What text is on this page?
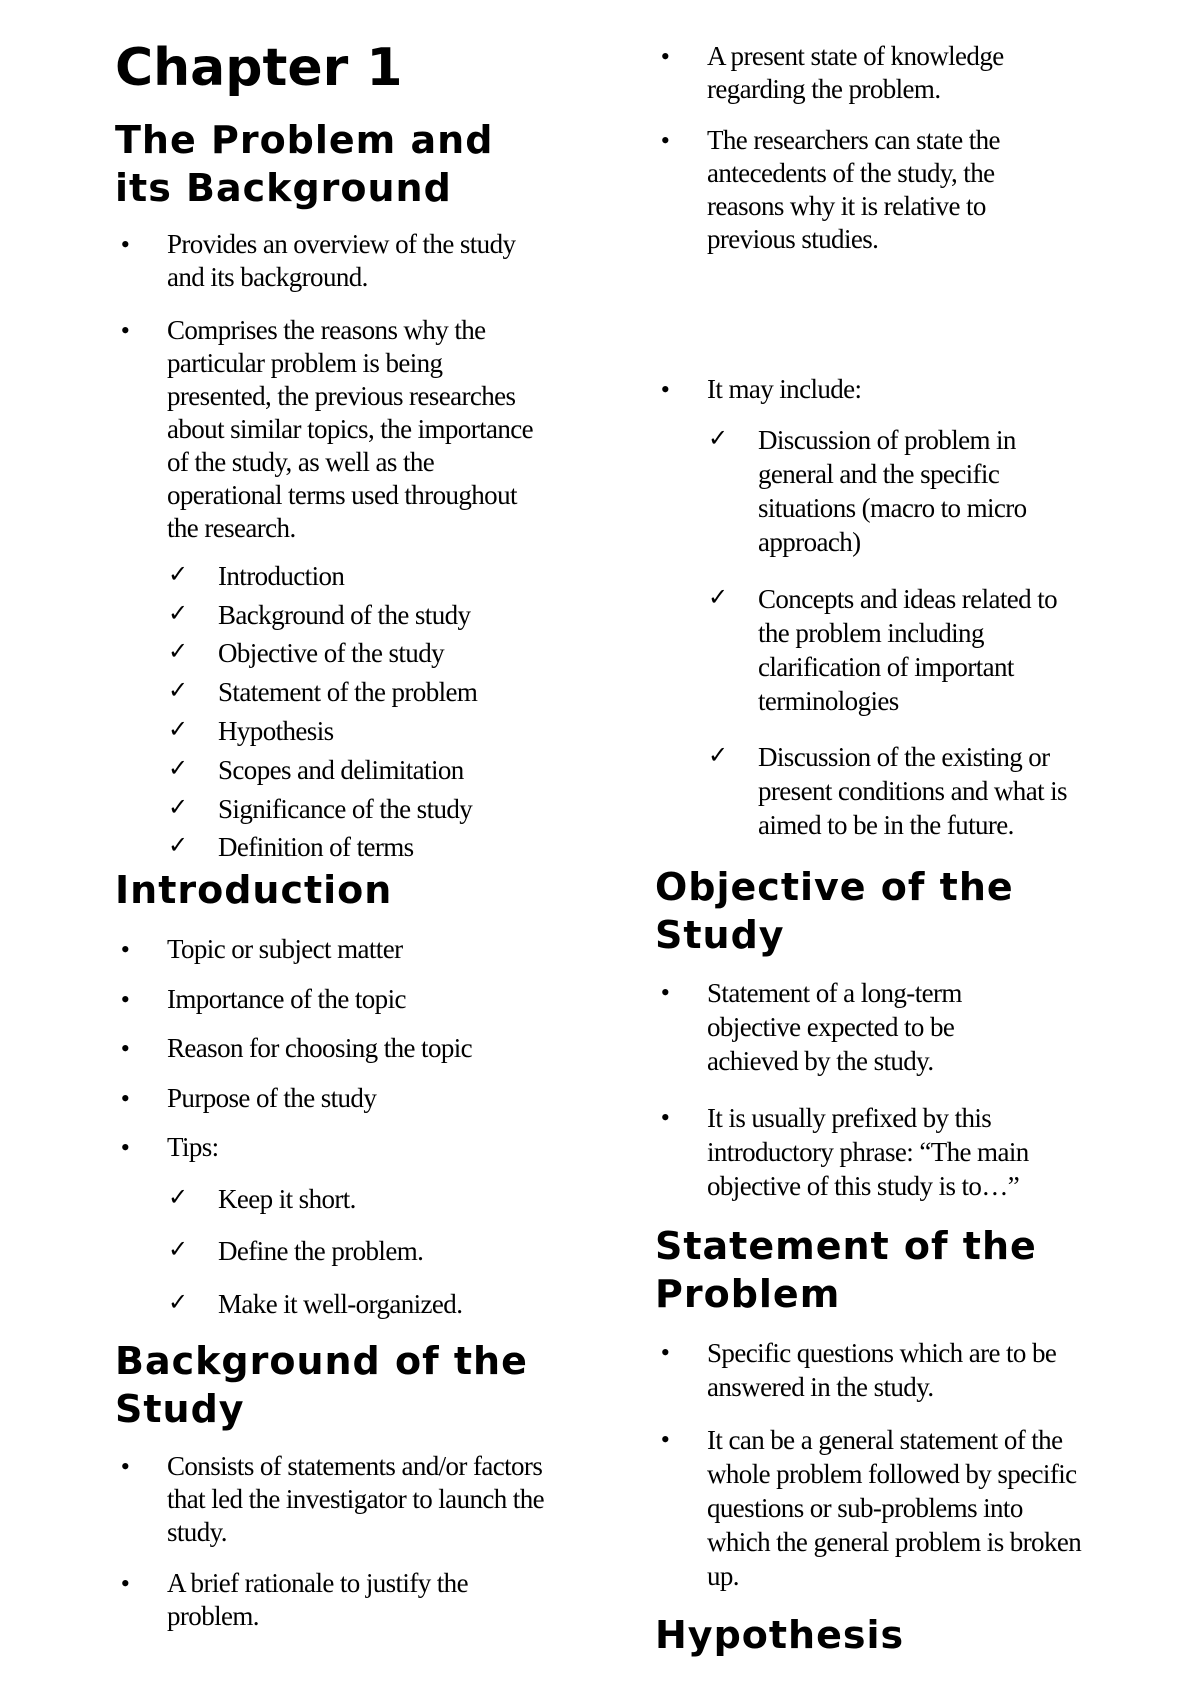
Chapter 1
The Problem and
its Background
• Provides an overview of the study and its background.
• Comprises the reasons why the particular problem is being presented, the previous researches about similar topics, the importance of the study, as well as the operational terms used throughout the research.
✓ Introduction
✓ Background of the study
✓ Objective of the study
✓ Statement of the problem
✓ Hypothesis
✓ Scopes and delimitation
✓ Significance of the study
✓ Definition of terms
Introduction
• Topic or subject matter
• Importance of the topic
• Reason for choosing the topic
• Purpose of the study
• Tips:
✓ Keep it short.
✓ Define the problem.
✓ Make it well-organized.
Background of the
Study
• Consists of statements and/or factors that led the investigator to launch the study.
• A brief rationale to justify the problem.
• A present state of knowledge regarding the problem.
• The researchers can state the antecedents of the study, the reasons why it is relative to previous studies.
• It may include:
✓ Discussion of problem in general and the specific situations (macro to micro approach)
✓ Concepts and ideas related to the problem including clarification of important terminologies
✓ Discussion of the existing or present conditions and what is aimed to be in the future.
Objective of the
Study
• Statement of a long-term objective expected to be achieved by the study.
• It is usually prefixed by this introductory phrase: “The main objective of this study is to…”
Statement of the
Problem
• Specific questions which are to be answered in the study.
• It can be a general statement of the whole problem followed by specific questions or sub-problems into which the general problem is broken up.
Hypothesis
